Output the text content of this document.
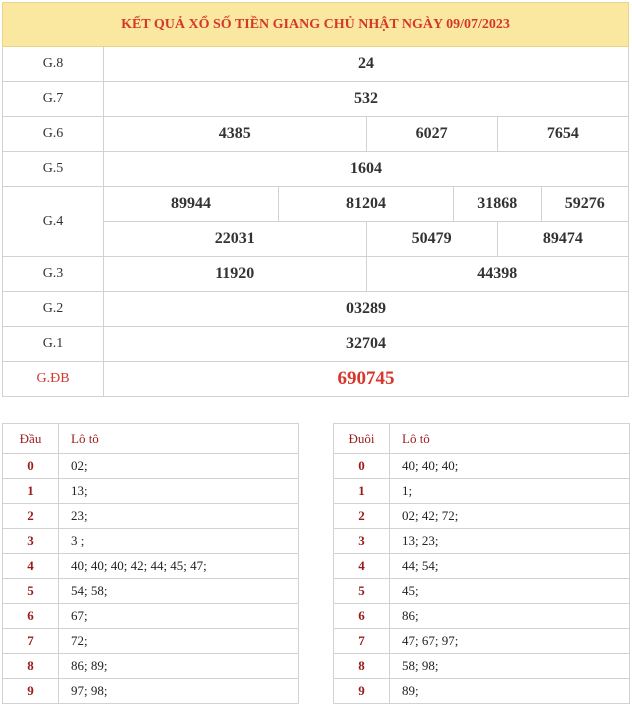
KẾT QUẢ XỔ SỐ TIỀN GIANG CHỦ NHẬT NGÀY 09/07/2023						
G.8	24					
G.7	532					
G.6	4385		6027		7654	
G.5	1604					
G.4	89944	81204		31868		59276
	22031		50479		89474	
G.3	11920		44398			
G.2	03289					
G.1	32704					
G.ĐB	690745					
Đầu	Lô tô
0	02;
1	13;
2	23;
3	3 ;
4	40; 40; 40; 42; 44; 45; 47;
5	54; 58;
6	67;
7	72;
8	86; 89;
9	97; 98;
Đuôi	Lô tô
0	40; 40; 40;
1	1;
2	02; 42; 72;
3	13; 23;
4	44; 54;
5	45;
6	86;
7	47; 67; 97;
8	58; 98;
9	89;
